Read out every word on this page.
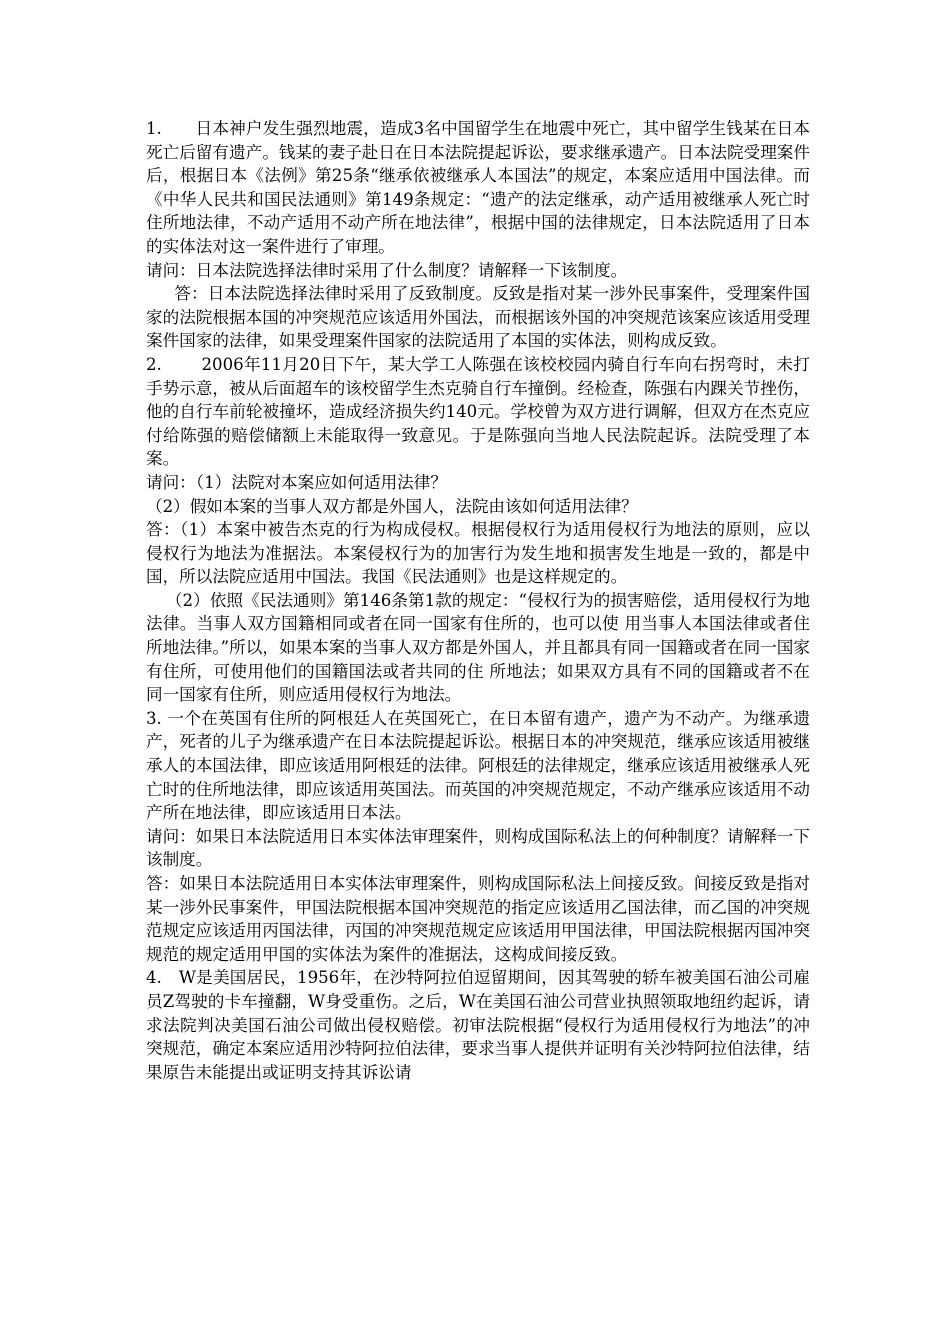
1.　　日本神户发生强烈地震，造成3名中国留学生在地震中死亡，其中留学生钱某在日本死亡后留有遗产。钱某的妻子赴日在日本法院提起诉讼，要求继承遗产。日本法院受理案件后，根据日本《法例》第25条“继承依被继承人本国法”的规定，本案应适用中国法律。而《中华人民共和国民法通则》第149条规定：“遗产的法定继承，动产适用被继承人死亡时住所地法律，不动产适用不动产所在地法律”，根据中国的法律规定，日本法院适用了日本的实体法对这一案件进行了审理。

请问：日本法院选择法律时采用了什么制度？请解释一下该制度。

答：日本法院选择法律时采用了反致制度。反致是指对某一涉外民事案件，受理案件国家的法院根据本国的冲突规范应该适用外国法，而根据该外国的冲突规范该案应该适用受理案件国家的法律，如果受理案件国家的法院适用了本国的实体法，则构成反致。

2.　　 2006年11月20日下午，某大学工人陈强在该校校园内骑自行车向右拐弯时，未打手势示意，被从后面超车的该校留学生杰克骑自行车撞倒。经检查，陈强右内踝关节挫伤，他的自行车前轮被撞坏，造成经济损失约140元。学校曾为双方进行调解，但双方在杰克应付给陈强的赔偿储额上未能取得一致意见。于是陈强向当地人民法院起诉。法院受理了本案。

请问：（1）法院对本案应如何适用法律？

（2）假如本案的当事人双方都是外国人，法院由该如何适用法律？

答：（1）本案中被告杰克的行为构成侵权。根据侵权行为适用侵权行为地法的原则，应以侵权行为地法为准据法。本案侵权行为的加害行为发生地和损害发生地是一致的，都是中国，所以法院应适用中国法。我国《民法通则》也是这样规定的。

（2）依照《民法通则》第146条第1款的规定：“侵权行为的损害赔偿，适用侵权行为地法律。当事人双方国籍相同或者在同一国家有住所的，也可以使 用当事人本国法律或者住所地法律。”所以，如果本案的当事人双方都是外国人，并且都具有同一国籍或者在同一国家有住所，可使用他们的国籍国法或者共同的住 所地法；如果双方具有不同的国籍或者不在同一国家有住所，则应适用侵权行为地法。

3. 一个在英国有住所的阿根廷人在英国死亡，在日本留有遗产，遗产为不动产。为继承遗产，死者的儿子为继承遗产在日本法院提起诉讼。根据日本的冲突规范，继承应该适用被继承人的本国法律，即应该适用阿根廷的法律。阿根廷的法律规定，继承应该适用被继承人死亡时的住所地法律，即应该适用英国法。而英国的冲突规范规定，不动产继承应该适用不动产所在地法律，即应该适用日本法。

请问：如果日本法院适用日本实体法审理案件，则构成国际私法上的何种制度？请解释一下该制度。

答：如果日本法院适用日本实体法审理案件，则构成国际私法上间接反致。间接反致是指对某一涉外民事案件，甲国法院根据本国冲突规范的指定应该适用乙国法律，而乙国的冲突规范规定应该适用丙国法律，丙国的冲突规范规定应该适用甲国法律，甲国法院根据丙国冲突规范的规定适用甲国的实体法为案件的准据法，这构成间接反致。

4.　W是美国居民，1956年，在沙特阿拉伯逗留期间，因其驾驶的轿车被美国石油公司雇员Z驾驶的卡车撞翻，W身受重伤。之后，W在美国石油公司营业执照领取地纽约起诉，请求法院判决美国石油公司做出侵权赔偿。初审法院根据“侵权行为适用侵权行为地法”的冲突规范，确定本案应适用沙特阿拉伯法律，要求当事人提供并证明有关沙特阿拉伯法律，结果原告未能提出或证明支持其诉讼请
